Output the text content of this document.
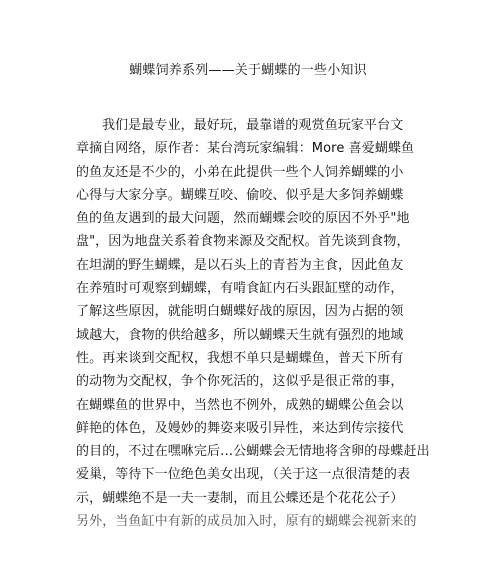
蝴蝶饲养系列——关于蝴蝶的一些小知识
我们是最专业，最好玩，最靠谱的观赏鱼玩家平台文
章摘自网络，原作者：某台湾玩家编辑：More 喜爱蝴蝶鱼
的鱼友还是不少的，小弟在此提供一些个人饲养蝴蝶的小
心得与大家分享。蝴蝶互咬、偷咬、似乎是大多饲养蝴蝶
鱼的鱼友遇到的最大问题，然而蝴蝶会咬的原因不外乎"地
盘"，因为地盘关系着食物来源及交配权。首先谈到食物，
在坦湖的野生蝴蝶，是以石头上的青苔为主食，因此鱼友
在养殖时可观察到蝴蝶，有啃食缸内石头跟缸壁的动作，
了解这些原因，就能明白蝴蝶好战的原因，因为占据的领
域越大，食物的供给越多，所以蝴蝶天生就有强烈的地域
性。再来谈到交配权，我想不单只是蝴蝶鱼，普天下所有
的动物为交配权，争个你死活的，这似乎是很正常的事，
在蝴蝶鱼的世界中，当然也不例外，成熟的蝴蝶公鱼会以
鲜艳的体色，及嫚妙的舞姿来吸引异性，来达到传宗接代
的目的，不过在嘿咻完后…公蝴蝶会无情地将含卵的母蝶赶出
爱巢，等待下一位绝色美女出现，（关于这一点很清楚的表
示，蝴蝶绝不是一夫一妻制，而且公蝶还是个花花公子）
另外，当鱼缸中有新的成员加入时，原有的蝴蝶会视新来的
